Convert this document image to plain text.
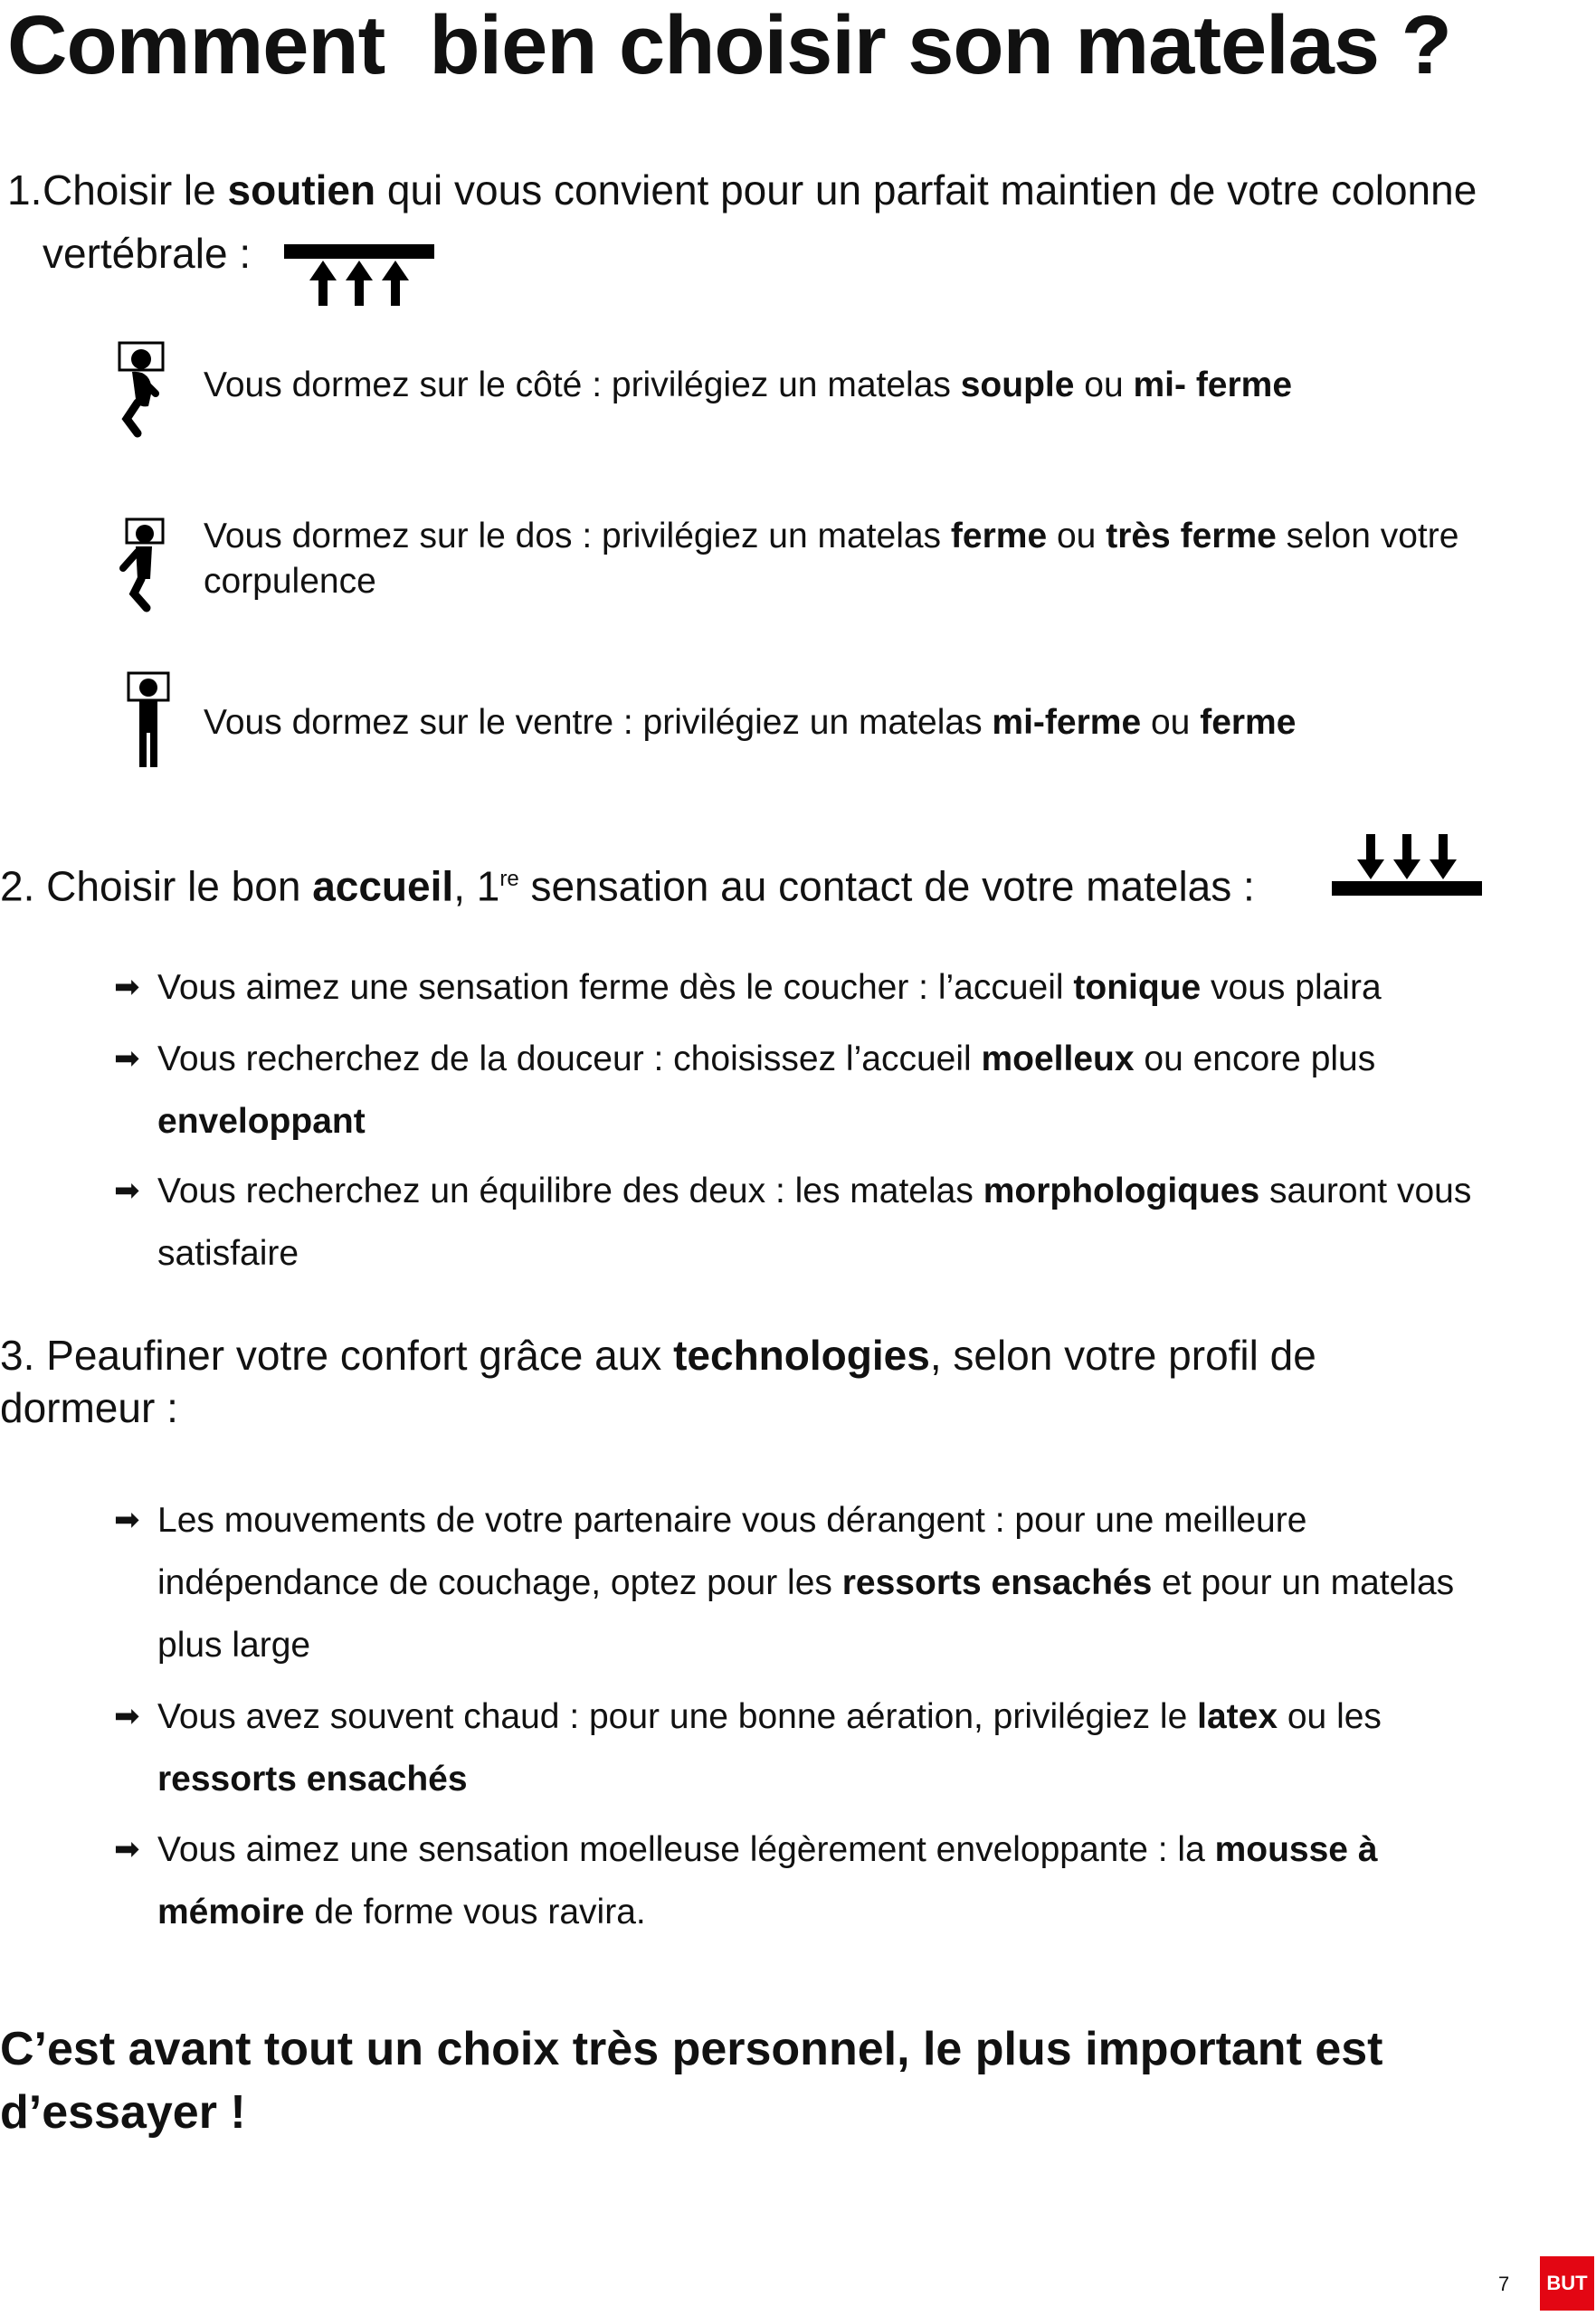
Comment  bien choisir son matelas ?
1. Choisir le soutien qui vous convient pour un parfait maintien de votre colonne
vertébrale :
Vous dormez sur le côté : privilégiez un matelas souple ou mi- ferme
Vous dormez sur le dos : privilégiez un matelas ferme ou très ferme selon votre
corpulence
Vous dormez sur le ventre : privilégiez un matelas mi-ferme ou ferme
2. Choisir le bon accueil, 1re sensation au contact de votre matelas :
➡ Vous aimez une sensation ferme dès le coucher : l’accueil tonique vous plaira
➡ Vous recherchez de la douceur : choisissez l’accueil moelleux ou encore plus
enveloppant
➡ Vous recherchez un équilibre des deux : les matelas morphologiques sauront vous
satisfaire
3. Peaufiner votre confort grâce aux technologies, selon votre profil de
dormeur :
➡ Les mouvements de votre partenaire vous dérangent : pour une meilleure
indépendance de couchage, optez pour les ressorts ensachés et pour un matelas
plus large
➡ Vous avez souvent chaud : pour une bonne aération, privilégiez le latex ou les
ressorts ensachés
➡ Vous aimez une sensation moelleuse légèrement enveloppante : la mousse à
mémoire de forme vous ravira.
C’est avant tout un choix très personnel, le plus important est
d’essayer !
7	BUT
